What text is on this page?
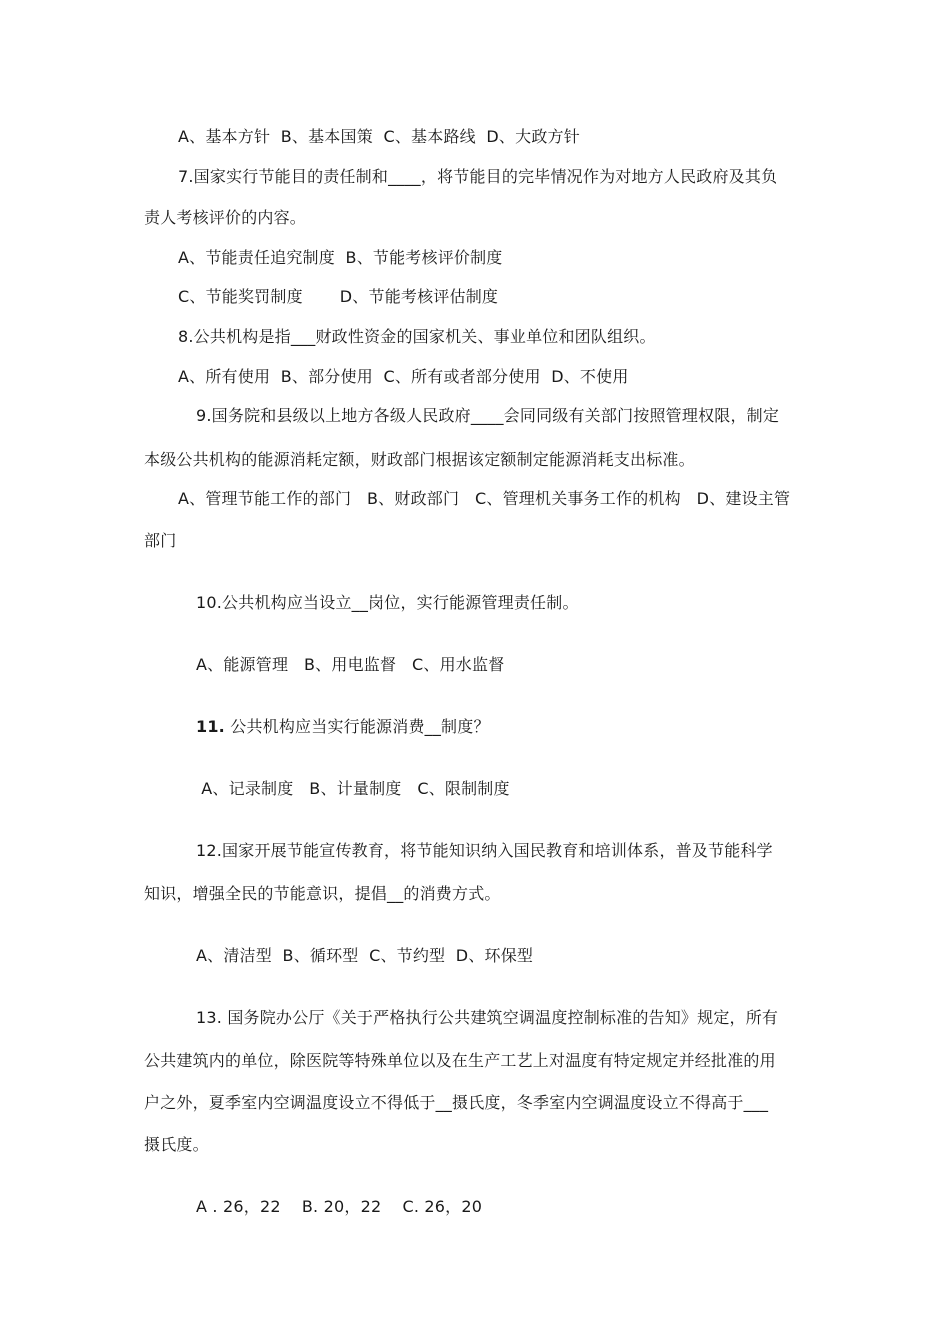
A、基本方针  B、基本国策  C、基本路线  D、大政方针
7.国家实行节能目的责任制和____，将节能目的完毕情况作为对地方人民政府及其负
责人考核评价的内容。
A、节能责任追究制度  B、节能考核评价制度
C、节能奖罚制度       D、节能考核评估制度
8.公共机构是指___财政性资金的国家机关、事业单位和团队组织。
A、所有使用  B、部分使用  C、所有或者部分使用  D、不使用
9.国务院和县级以上地方各级人民政府____会同同级有关部门按照管理权限，制定
本级公共机构的能源消耗定额，财政部门根据该定额制定能源消耗支出标准。
A、管理节能工作的部门   B、财政部门   C、管理机关事务工作的机构   D、建设主管
部门
10.公共机构应当设立__岗位，实行能源管理责任制。
A、能源管理   B、用电监督   C、用水监督
11. 公共机构应当实行能源消费__制度？
A、记录制度   B、计量制度   C、限制制度
12.国家开展节能宣传教育，将节能知识纳入国民教育和培训体系，普及节能科学
知识，增强全民的节能意识，提倡__的消费方式。
A、清洁型  B、循环型  C、节约型  D、环保型
13. 国务院办公厅《关于严格执行公共建筑空调温度控制标准的告知》规定，所有
公共建筑内的单位，除医院等特殊单位以及在生产工艺上对温度有特定规定并经批准的用
户之外，夏季室内空调温度设立不得低于__摄氏度，冬季室内空调温度设立不得高于___
摄氏度。
A . 26，22    B. 20，22    C. 26，20
